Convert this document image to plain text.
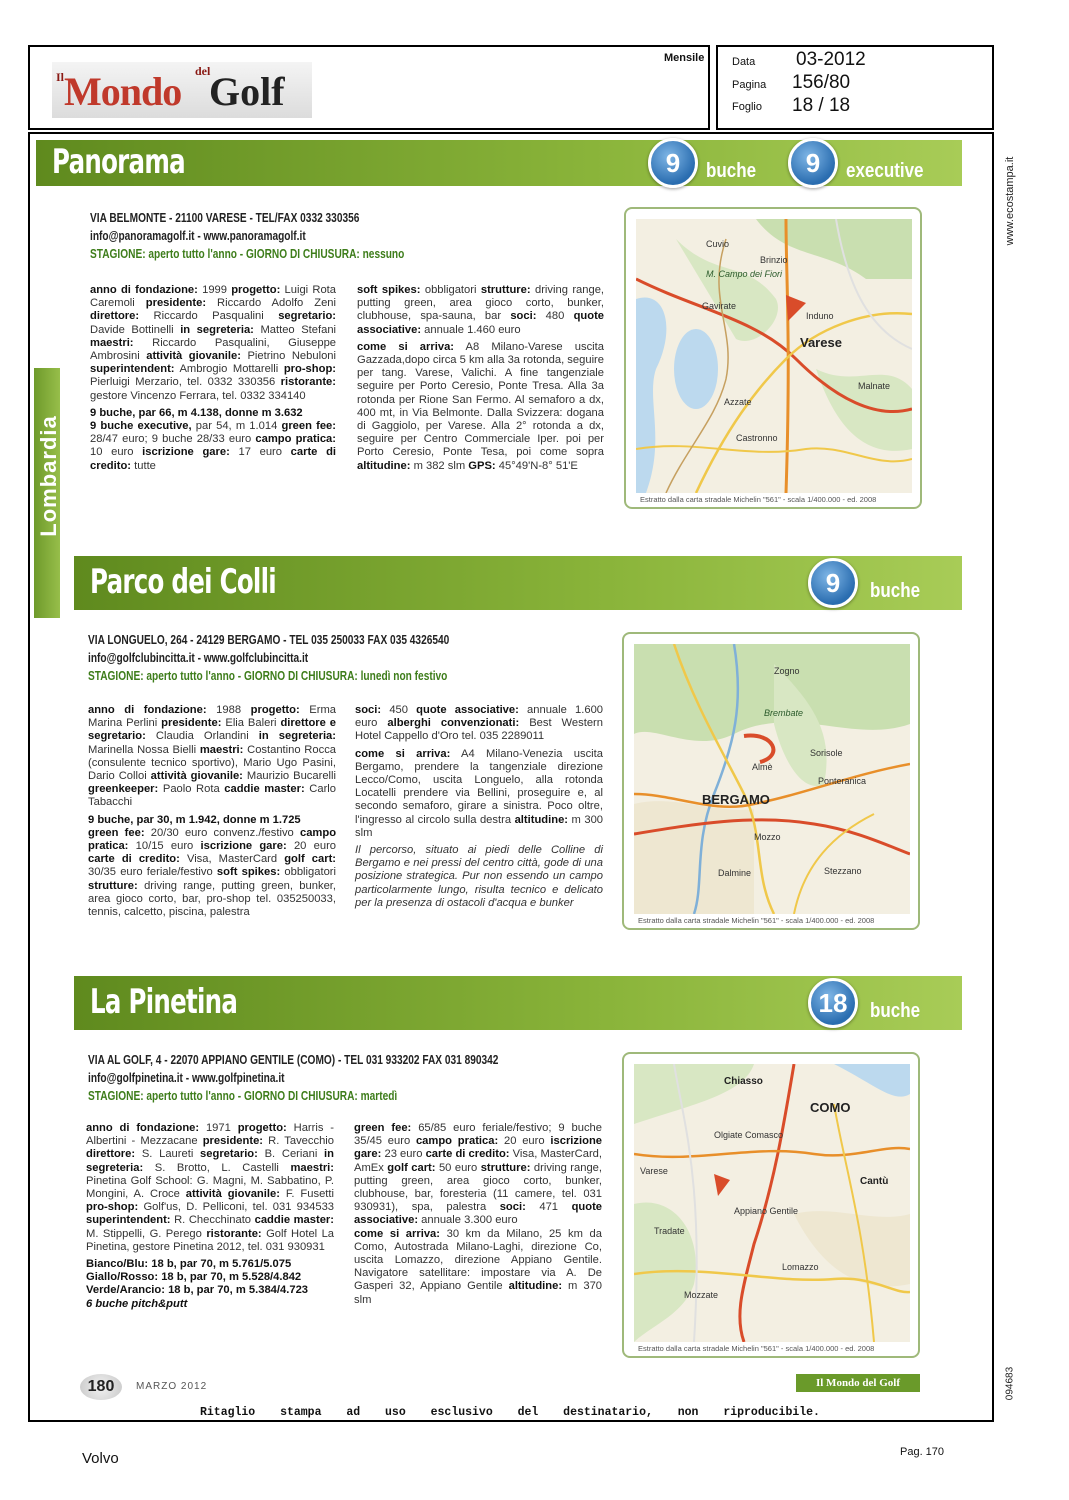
Il Mondo del
Golf
Mensile	Data 03-2012
Pagina 156/80
Foglio 18 / 18
www.ecostampa.it
094683
Lombardia
Panorama	9	buche	9	executive
VIA BELMONTE - 21100 VARESE - TEL/FAX 0332 330356
info@panoramagolf.it - www.panoramagolf.it
STAGIONE: aperto tutto l'anno - GIORNO DI CHIUSURA: nessuno

anno di fondazione: 1999 progetto: Luigi Rota Caremoli presidente: Riccardo Adolfo Zeni direttore: Riccardo Pasqualini segretario: Davide Bottinelli in segreteria: Matteo Stefani maestri: Riccardo Pasqualini, Giuseppe Ambrosini attività giovanile: Pietrino Nebuloni superintendent: Ambrogio Mottarelli pro-shop: Pierluigi Merzario, tel. 0332 330356 ristorante: gestore Vincenzo Ferrara, tel. 0332 334140

9 buche, par 66, m 4.138, donne m 3.632
9 buche executive, par 54, m 1.014 green fee: 28/47 euro; 9 buche 28/33 euro campo pratica: 10 euro iscrizione gare: 17 euro carte di credito: tutte

soft spikes: obbligatori strutture: driving range, putting green, area gioco corto, bunker, clubhouse, spa-sauna, bar soci: 480 quote associative: annuale 1.460 euro

come si arriva: A8 Milano-Varese uscita Gazzada,dopo circa 5 km alla 3a rotonda, seguire per tang. Varese, Valichi. A fine tangenziale seguire per Porto Ceresio, Ponte Tresa. Alla 3a rotonda per Rione San Fermo. Al semaforo a dx, 400 mt, in Via Belmonte. Dalla Svizzera: dogana di Gaggiolo, per Varese. Alla 2° rotonda a dx, seguire per Centro Commerciale Iper. poi per Porto Ceresio, Ponte Tesa, poi come sopra altitudine: m 382 slm GPS: 45°49'N-8° 51'E

Varese
Gavirate
Castronno
Malnate
Induno
Cuvio
M. Campo dei Fiori
Azzate
Brinzio
Estratto dalla carta stradale Michelin "561" - scala 1/400.000 - ed. 2008
Parco dei Colli	9	buche
VIA LONGUELO, 264 - 24129 BERGAMO - TEL 035 250033 FAX 035 4326540
info@golfclubincitta.it - www.golfclubincitta.it
STAGIONE: aperto tutto l'anno - GIORNO DI CHIUSURA: lunedì non festivo

anno di fondazione: 1988 progetto: Erma Marina Perlini presidente: Elia Baleri direttore e segretario: Claudia Orlandini in segreteria: Marinella Nossa Bielli maestri: Costantino Rocca (consulente tecnico sportivo), Mario Ugo Pasini, Dario Colloi attività giovanile: Maurizio Bucarelli greenkeeper: Paolo Rota caddie master: Carlo Tabacchi

9 buche, par 30, m 1.942, donne m 1.725
green fee: 20/30 euro convenz./festivo campo pratica: 10/15 euro iscrizione gare: 20 euro carte di credito: Visa, MasterCard golf cart: 30/35 euro feriale/festivo soft spikes: obbligatori strutture: driving range, putting green, bunker, area gioco corto, bar, pro-shop tel. 035250033, tennis, calcetto, piscina, palestra

soci: 450 quote associative: annuale 1.600 euro alberghi convenzionati: Best Western Hotel Cappello d'Oro tel. 035 2289011

come si arriva: A4 Milano-Venezia uscita Bergamo, prendere la tangenziale direzione Lecco/Como, uscita Longuelo, alla rotonda Locatelli prendere via Bellini, proseguire e, al secondo semaforo, girare a sinistra. Poco oltre, l'ingresso al circolo sulla destra altitudine: m 300 slm

Il percorso, situato ai piedi delle Colline di Bergamo e nei pressi del centro città, gode di una posizione strategica. Pur non essendo un campo particolarmente lungo, risulta tecnico e delicato per la presenza di ostacoli d'acqua e bunker

BERGAMO
Almè
Ponteranica
Dalmine
Zogno
Mozzo
Sorisole
Stezzano
Brembate
Estratto dalla carta stradale Michelin "561" - scala 1/400.000 - ed. 2008
La Pinetina	18	buche
VIA AL GOLF, 4 - 22070 APPIANO GENTILE (COMO) - TEL 031 933202 FAX 031 890342
info@golfpinetina.it - www.golfpinetina.it
STAGIONE: aperto tutto l'anno - GIORNO DI CHIUSURA: martedì

anno di fondazione: 1971 progetto: Harris - Albertini - Mezzacane presidente: R. Tavecchio direttore: S. Laureti segretario: B. Ceriani in segreteria: S. Brotto, L. Castelli maestri: Pinetina Golf School: G. Magni, M. Sabbatino, P. Mongini, A. Croce attività giovanile: F. Fusetti pro-shop: Golf'us, D. Pelliconi, tel. 031 934533 superintendent: R. Checchinato caddie master: M. Stippelli, G. Perego ristorante: Golf Hotel La Pinetina, gestore Pinetina 2012, tel. 031 930931

Bianco/Blu: 18 b, par 70, m 5.761/5.075
Giallo/Rosso: 18 b, par 70, m 5.528/4.842
Verde/Arancio: 18 b, par 70, m 5.384/4.723
6 buche pitch&putt

green fee: 65/85 euro feriale/festivo; 9 buche 35/45 euro campo pratica: 20 euro iscrizione gare: 23 euro carte di credito: Visa, MasterCard, AmEx golf cart: 50 euro strutture: driving range, putting green, area gioco corto, bunker, clubhouse, bar, foresteria (11 camere, tel. 031 930931), spa, palestra soci: 471 quote associative: annuale 3.300 euro

come si arriva: 30 km da Milano, 25 km da Como, Autostrada Milano-Laghi, direzione Co, uscita Lomazzo, direzione Appiano Gentile. Navigatore satellitare: impostare via A. De Gasperi 32, Appiano Gentile altitudine: m 370 slm

COMO
Chiasso
Cantù
Appiano Gentile
Tradate
Lomazzo
Olgiate Comasco
Mozzate
Varese
Estratto dalla carta stradale Michelin "561" - scala 1/400.000 - ed. 2008
180	MARZO 2012	Il Mondo del Golf
Ritaglio stampa ad uso esclusivo del destinatario, non riproducibile.
Volvo	Pag. 170
